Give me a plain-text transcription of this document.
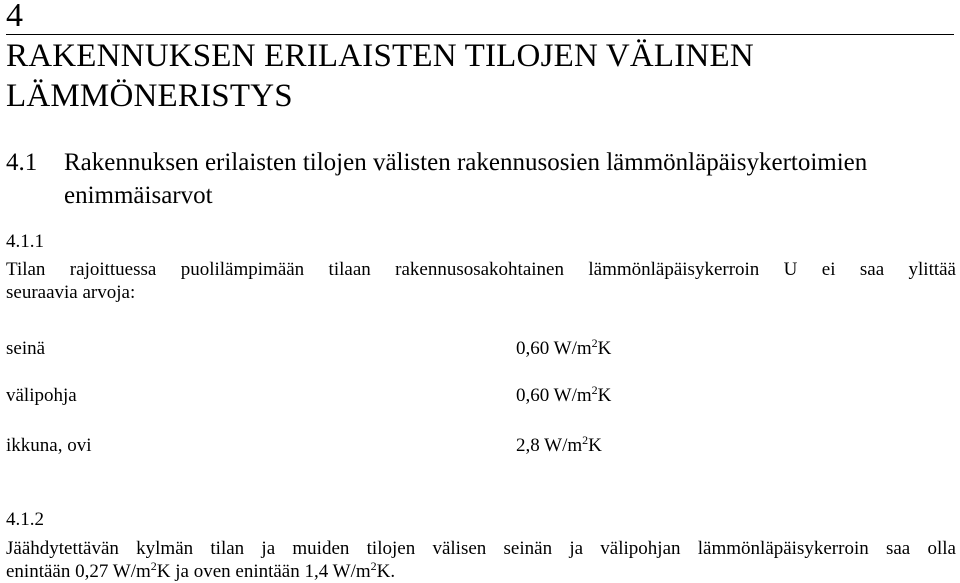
4
RAKENNUKSEN ERILAISTEN TILOJEN VÄLINEN
LÄMMÖNERISTYS
4.1 Rakennuksen erilaisten tilojen välisten rakennusosien lämmönläpäisykertoimien
enimmäisarvot
4.1.1
Tilan rajoittuessa puolilämpimään tilaan rakennusosakohtainen lämmönläpäisykerroin U ei saa ylittää
seuraavia arvoja:
seinä	0,60 $W/m^2K$
välipohja	0,60 $W/m^2K$
ikkuna, ovi	2,8 $W/m^2K$
4.1.2
Jäähdytettävän kylmän tilan ja muiden tilojen välisen seinän ja välipohjan lämmönläpäisykerroin saa olla
enintään 0,27 $W/m^2K$ ja oven enintään 1,4 $W/m^2K$.
